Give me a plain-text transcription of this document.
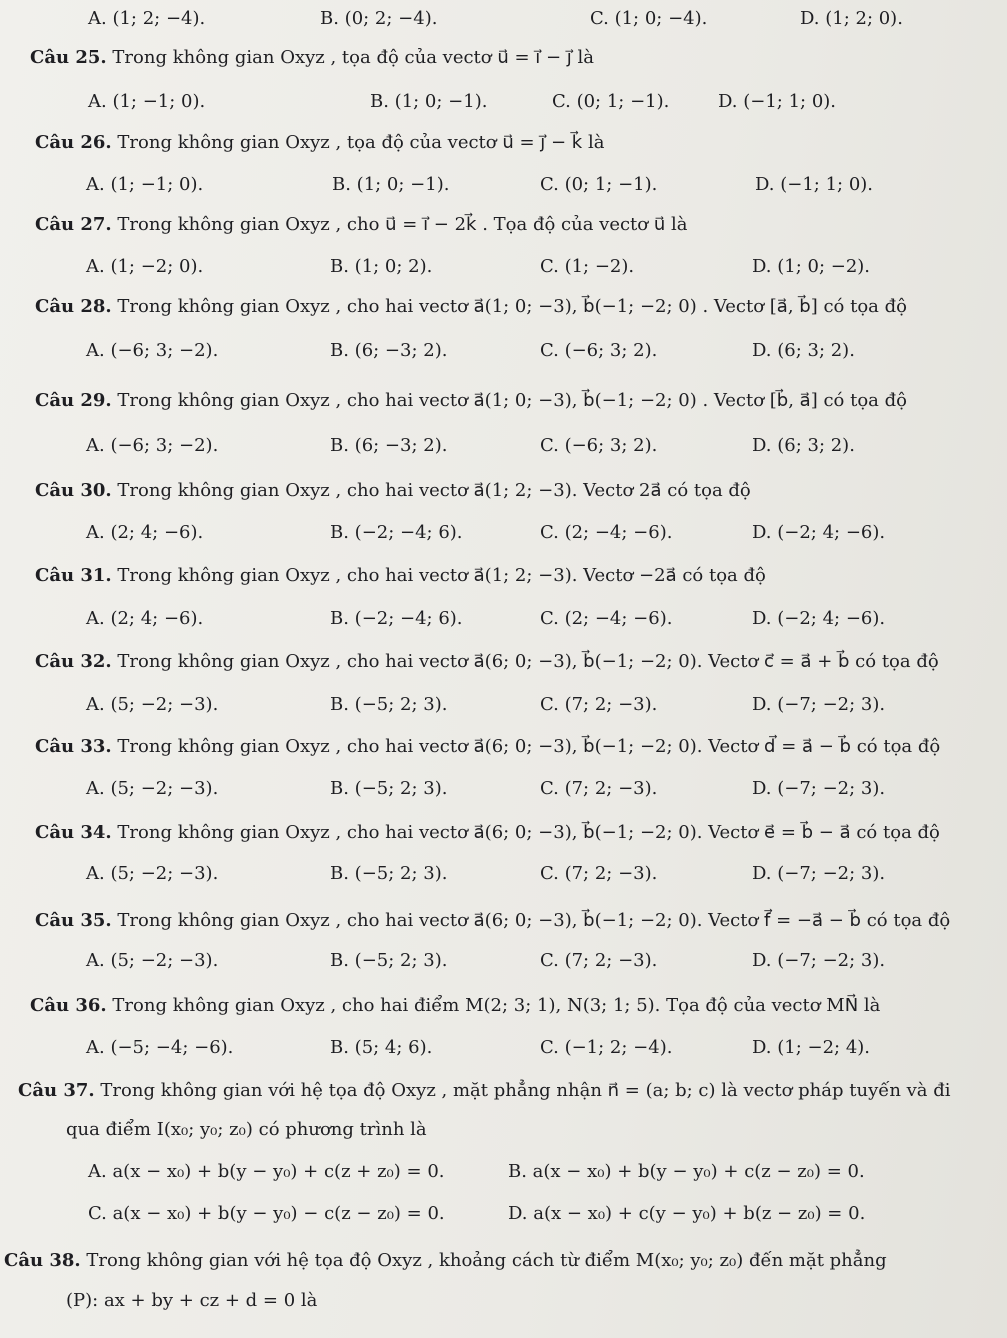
A. (1; 2; −4).	B. (0; 2; −4).	C. (1; 0; −4).	D. (1; 2; 0).
Câu 25. Trong không gian Oxyz , tọa độ của vectơ u⃗ = i⃗ − j⃗ là
A. (1; −1; 0).	B. (1; 0; −1).	C. (0; 1; −1).	D. (−1; 1; 0).
Câu 26. Trong không gian Oxyz , tọa độ của vectơ u⃗ = j⃗ − k⃗ là
A. (1; −1; 0).	B. (1; 0; −1).	C. (0; 1; −1).	D. (−1; 1; 0).
Câu 27. Trong không gian Oxyz , cho u⃗ = i⃗ − 2k⃗ . Tọa độ của vectơ u⃗ là
A. (1; −2; 0).	B. (1; 0; 2).	C. (1; −2).	D. (1; 0; −2).
Câu 28. Trong không gian Oxyz , cho hai vectơ a⃗(1; 0; −3), b⃗(−1; −2; 0) . Vectơ [a⃗, b⃗] có tọa độ
A. (−6; 3; −2).	B. (6; −3; 2).	C. (−6; 3; 2).	D. (6; 3; 2).
Câu 29. Trong không gian Oxyz , cho hai vectơ a⃗(1; 0; −3), b⃗(−1; −2; 0) . Vectơ [b⃗, a⃗] có tọa độ
A. (−6; 3; −2).	B. (6; −3; 2).	C. (−6; 3; 2).	D. (6; 3; 2).
Câu 30. Trong không gian Oxyz , cho hai vectơ a⃗(1; 2; −3). Vectơ 2a⃗ có tọa độ
A. (2; 4; −6).	B. (−2; −4; 6).	C. (2; −4; −6).	D. (−2; 4; −6).
Câu 31. Trong không gian Oxyz , cho hai vectơ a⃗(1; 2; −3). Vectơ −2a⃗ có tọa độ
A. (2; 4; −6).	B. (−2; −4; 6).	C. (2; −4; −6).	D. (−2; 4; −6).
Câu 32. Trong không gian Oxyz , cho hai vectơ a⃗(6; 0; −3), b⃗(−1; −2; 0). Vectơ c⃗ = a⃗ + b⃗ có tọa độ
A. (5; −2; −3).	B. (−5; 2; 3).	C. (7; 2; −3).	D. (−7; −2; 3).
Câu 33. Trong không gian Oxyz , cho hai vectơ a⃗(6; 0; −3), b⃗(−1; −2; 0). Vectơ d⃗ = a⃗ − b⃗ có tọa độ
A. (5; −2; −3).	B. (−5; 2; 3).	C. (7; 2; −3).	D. (−7; −2; 3).
Câu 34. Trong không gian Oxyz , cho hai vectơ a⃗(6; 0; −3), b⃗(−1; −2; 0). Vectơ e⃗ = b⃗ − a⃗ có tọa độ
A. (5; −2; −3).	B. (−5; 2; 3).	C. (7; 2; −3).	D. (−7; −2; 3).
Câu 35. Trong không gian Oxyz , cho hai vectơ a⃗(6; 0; −3), b⃗(−1; −2; 0). Vectơ f⃗ = −a⃗ − b⃗ có tọa độ
A. (5; −2; −3).	B. (−5; 2; 3).	C. (7; 2; −3).	D. (−7; −2; 3).
Câu 36. Trong không gian Oxyz , cho hai điểm M(2; 3; 1), N(3; 1; 5). Tọa độ của vectơ MN⃗ là
A. (−5; −4; −6).	B. (5; 4; 6).	C. (−1; 2; −4).	D. (1; −2; 4).
Câu 37. Trong không gian với hệ tọa độ Oxyz , mặt phẳng nhận n⃗ = (a; b; c) là vectơ pháp tuyến và đi
qua điểm I(x₀; y₀; z₀) có phương trình là
A. a(x − x₀) + b(y − y₀) + c(z + z₀) = 0.	B. a(x − x₀) + b(y − y₀) + c(z − z₀) = 0.
C. a(x − x₀) + b(y − y₀) − c(z − z₀) = 0.	D. a(x − x₀) + c(y − y₀) + b(z − z₀) = 0.
Câu 38. Trong không gian với hệ tọa độ Oxyz , khoảng cách từ điểm M(x₀; y₀; z₀) đến mặt phẳng
(P): ax + by + cz + d = 0 là
